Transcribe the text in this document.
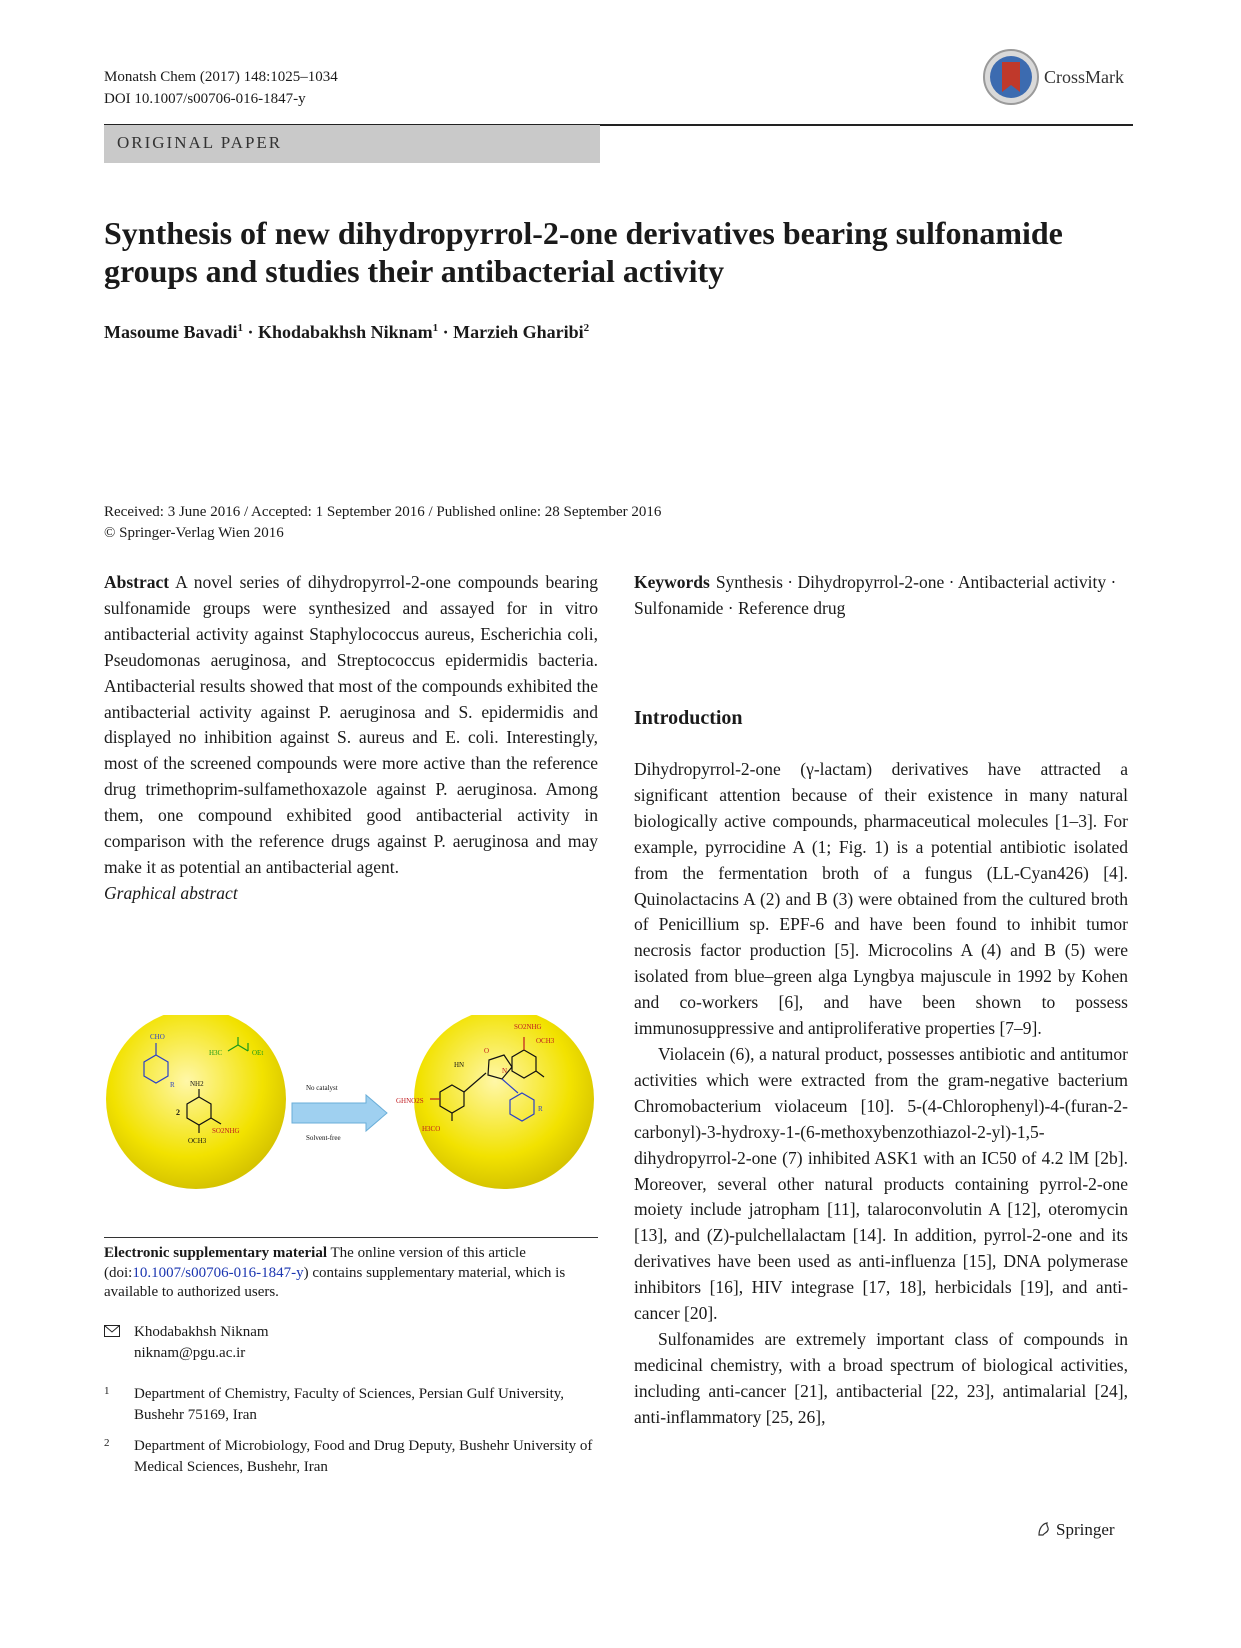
Monatsh Chem (2017) 148:1025–1034
DOI 10.1007/s00706-016-1847-y
CrossMark
ORIGINAL PAPER
Synthesis of new dihydropyrrol-2-one derivatives bearing sulfonamide groups and studies their antibacterial activity
Masoume Bavadi$^1$ · Khodabakhsh Niknam$^1$ · Marzieh Gharibi$^2$
Received: 3 June 2016 / Accepted: 1 September 2016 / Published online: 28 September 2016
© Springer-Verlag Wien 2016

Abstract A novel series of dihydropyrrol-2-one compounds bearing sulfonamide groups were synthesized and assayed for in vitro antibacterial activity against Staphylococcus aureus, Escherichia coli, Pseudomonas aeruginosa, and Streptococcus epidermidis bacteria. Antibacterial results showed that most of the compounds exhibited the antibacterial activity against P. aeruginosa and S. epidermidis and displayed no inhibition against S. aureus and E. coli. Interestingly, most of the screened compounds were more active than the reference drug trimethoprim-sulfamethoxazole against P. aeruginosa. Among them, one compound exhibited good antibacterial activity in comparison with the reference drugs against P. aeruginosa and may make it as potential an antibacterial agent.

Graphical abstract

CHO
R
H3C	OEt
NH2
2
SO2NHG
OCH3
No catalyst
Solvent-free
SO2NHG
OCH3
O
HN
N
GHNO2S
H3CO
R
Electronic supplementary material The online version of this article (doi:10.1007/s00706-016-1847-y) contains supplementary material, which is available to authorized users.
Khodabakhsh Niknam
niknam@pgu.ac.ir
1 Department of Chemistry, Faculty of Sciences, Persian Gulf University, Bushehr 75169, Iran
2 Department of Microbiology, Food and Drug Deputy, Bushehr University of Medical Sciences, Bushehr, Iran
Keywords Synthesis · Dihydropyrrol-2-one · Antibacterial activity · Sulfonamide · Reference drug
Introduction

Dihydropyrrol-2-one (γ-lactam) derivatives have attracted a significant attention because of their existence in many natural biologically active compounds, pharmaceutical molecules [1–3]. For example, pyrrocidine A (1; Fig. 1) is a potential antibiotic isolated from the fermentation broth of a fungus (LL-Cyan426) [4]. Quinolactacins A (2) and B (3) were obtained from the cultured broth of Penicillium sp. EPF-6 and have been found to inhibit tumor necrosis factor production [5]. Microcolins A (4) and B (5) were isolated from blue–green alga Lyngbya majuscule in 1992 by Kohen and co-workers [6], and have been shown to possess immunosuppressive and antiproliferative properties [7–9].

Violacein (6), a natural product, possesses antibiotic and antitumor activities which were extracted from the gram-negative bacterium Chromobacterium violaceum [10]. 5-(4-Chlorophenyl)-4-(furan-2-carbonyl)-3-hydroxy-1-(6-methoxybenzothiazol-2-yl)-1,5-dihydropyrrol-2-one (7) inhibited ASK1 with an IC50 of 4.2 lM [2b]. Moreover, several other natural products containing pyrrol-2-one moiety include jatropham [11], talaroconvolutin A [12], oteromycin [13], and (Z)-pulchellalactam [14]. In addition, pyrrol-2-one and its derivatives have been used as anti-influenza [15], DNA polymerase inhibitors [16], HIV integrase [17, 18], herbicidals [19], and anti-cancer [20].

Sulfonamides are extremely important class of compounds in medicinal chemistry, with a broad spectrum of biological activities, including anti-cancer [21], antibacterial [22, 23], antimalarial [24], anti-inflammatory [25, 26],

Springer
